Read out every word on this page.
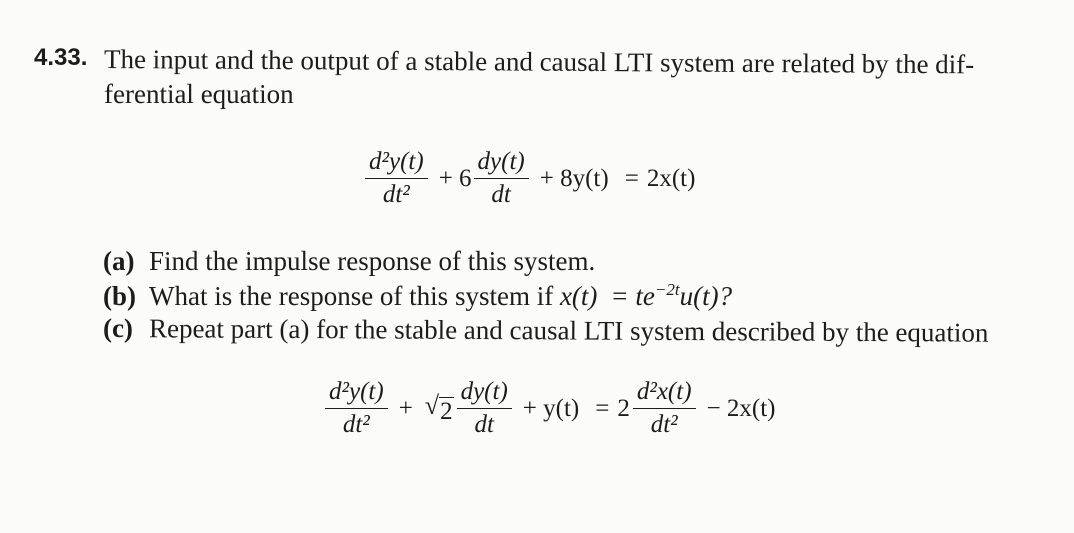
4.33. The input and the output of a stable and causal LTI system are related by the dif-
ferential equation
$\frac{\text{d²y(t)}}{\text{dt²}} + 6 \frac{dy(t)}{dt} + 8y(t) = 2x(t)$
(a) Find the impulse response of this system.
(b) What is the response of this system if $x(t) = te^{-2t}u(t)$?
(c) Repeat part (a) for the stable and causal LTI system described by the equation
$\frac{\text{d²y(t)}}{\text{dt²}}$ + √ $2 \frac{dy(t)}{dt} + y(t) = 2 \frac{\text{d²x(t)}}{\text{dt²}} - 2x(t)$
